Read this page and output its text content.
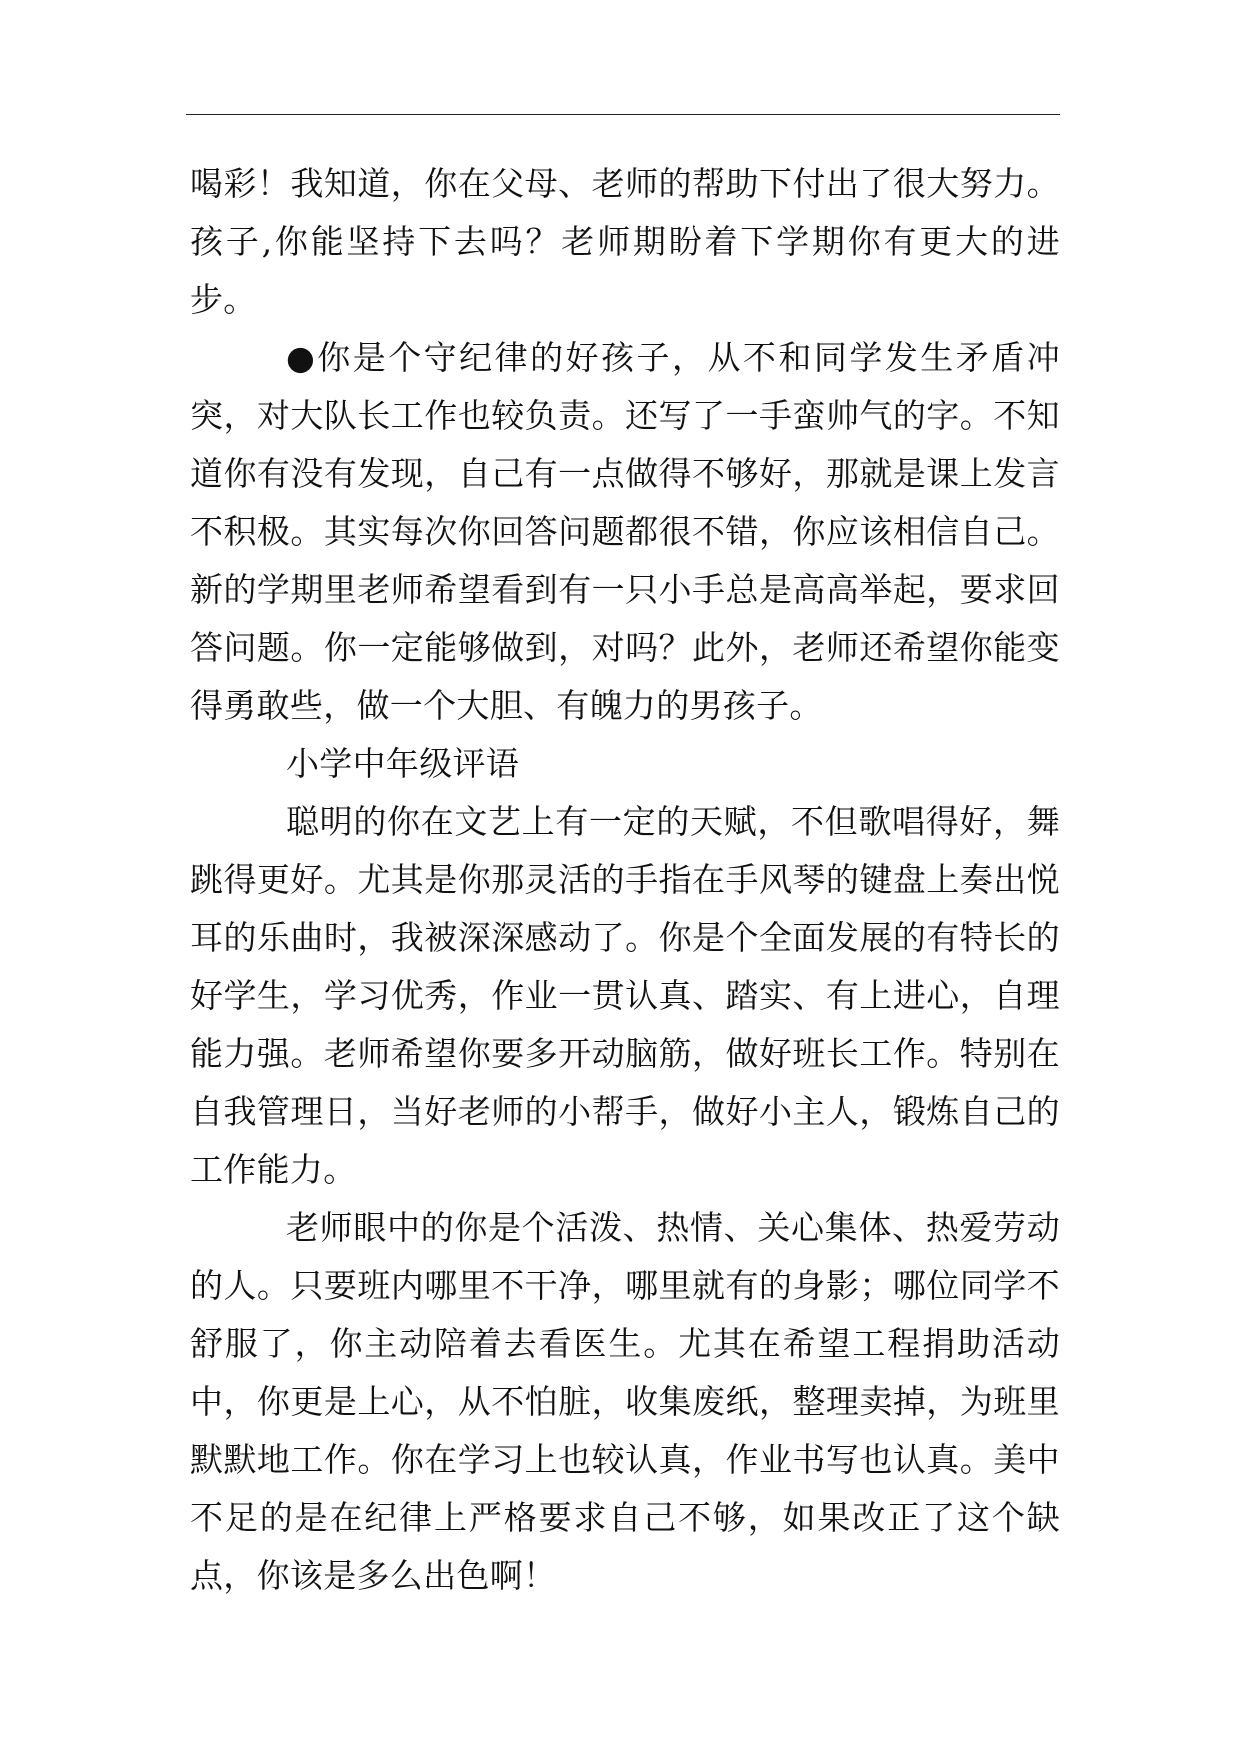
喝彩！我知道，你在父母、老师的帮助下付出了很大努力。孩子,你能坚持下去吗？老师期盼着下学期你有更大的进步。

●你是个守纪律的好孩子，从不和同学发生矛盾冲突，对大队长工作也较负责。还写了一手蛮帅气的字。不知道你有没有发现，自己有一点做得不够好，那就是课上发言不积极。其实每次你回答问题都很不错，你应该相信自己。新的学期里老师希望看到有一只小手总是高高举起，要求回答问题。你一定能够做到，对吗？此外，老师还希望你能变得勇敢些，做一个大胆、有魄力的男孩子。

小学中年级评语

聪明的你在文艺上有一定的天赋，不但歌唱得好，舞跳得更好。尤其是你那灵活的手指在手风琴的键盘上奏出悦耳的乐曲时，我被深深感动了。你是个全面发展的有特长的好学生，学习优秀，作业一贯认真、踏实、有上进心，自理能力强。老师希望你要多开动脑筋，做好班长工作。特别在自我管理日，当好老师的小帮手，做好小主人，锻炼自己的工作能力。

老师眼中的你是个活泼、热情、关心集体、热爱劳动的人。只要班内哪里不干净，哪里就有的身影；哪位同学不舒服了，你主动陪着去看医生。尤其在希望工程捐助活动中，你更是上心，从不怕脏，收集废纸，整理卖掉，为班里默默地工作。你在学习上也较认真，作业书写也认真。美中不足的是在纪律上严格要求自己不够，如果改正了这个缺点，你该是多么出色啊！
